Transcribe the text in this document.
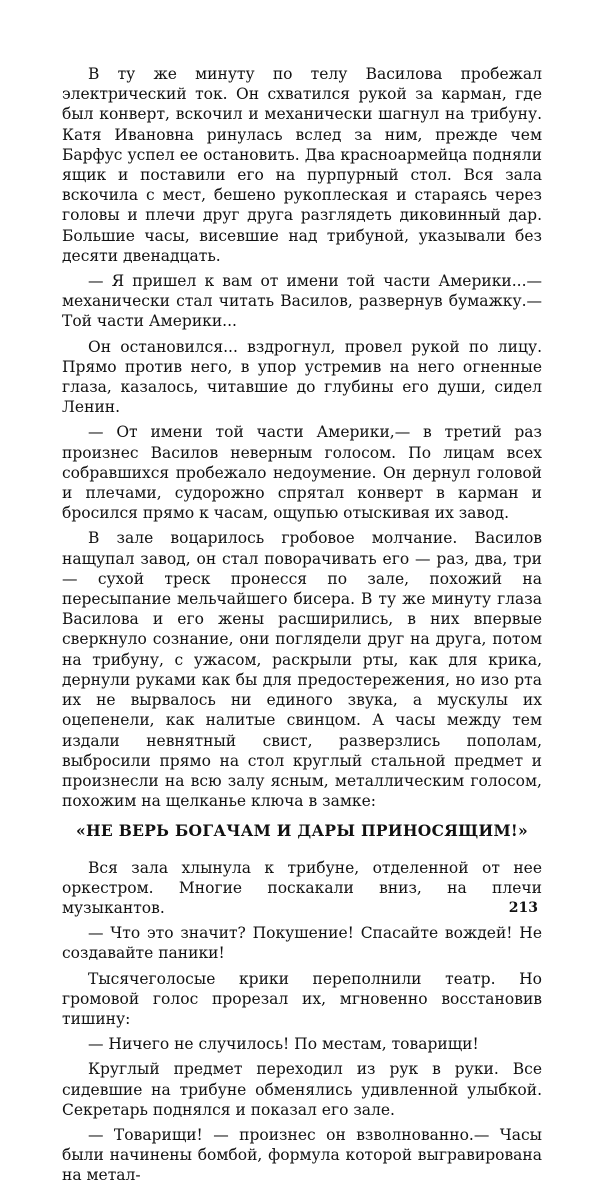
В ту же минуту по телу Василова пробежал электрический ток. Он схватился рукой за карман, где был конверт, вскочил и механически шагнул на трибуну. Катя Ивановна ринулась вслед за ним, прежде чем Барфус успел ее остановить. Два красноармейца подняли ящик и поставили его на пурпурный стол. Вся зала вскочила с мест, бешено рукоплеская и стараясь через головы и плечи друг друга разглядеть диковинный дар. Большие часы, висевшие над трибуной, указывали без десяти двенадцать.

— Я пришел к вам от имени той части Америки...— механически стал читать Василов, развернув бумажку.— Той части Америки...

Он остановился... вздрогнул, провел рукой по лицу. Прямо против него, в упор устремив на него огненные глаза, казалось, читавшие до глубины его души, сидел Ленин.

— От имени той части Америки,— в третий раз произнес Василов неверным голосом. По лицам всех собравшихся пробежало недоумение. Он дернул головой и плечами, судорожно спрятал конверт в карман и бросился прямо к часам, ощупью отыскивая их завод.

В зале воцарилось гробовое молчание. Василов нащупал завод, он стал поворачивать его — раз, два, три — сухой треск пронесся по зале, похожий на пересыпание мельчайшего бисера. В ту же минуту глаза Василова и его жены расширились, в них впервые сверкнуло сознание, они поглядели друг на друга, потом на трибуну, с ужасом, раскрыли рты, как для крика, дернули руками как бы для предостережения, но изо рта их не вырвалось ни единого звука, а мускулы их оцепенели, как налитые свинцом. А часы между тем издали невнятный свист, разверзлись пополам, выбросили прямо на стол круглый стальной предмет и произнесли на всю залу ясным, металлическим голосом, похожим на щелканье ключа в замке:

«НЕ ВЕРЬ БОГАЧАМ И ДАРЫ ПРИНОСЯЩИМ!»

Вся зала хлынула к трибуне, отделенной от нее оркестром. Многие поскакали вниз, на плечи музыкантов.

— Что это значит? Покушение! Спасайте вождей! Не создавайте паники!

Тысячеголосые крики переполнили театр. Но громовой голос прорезал их, мгновенно восстановив тишину:

— Ничего не случилось! По местам, товарищи!

Круглый предмет переходил из рук в руки. Все сидевшие на трибуне обменялись удивленной улыбкой. Секретарь поднялся и показал его зале.

— Товарищи! — произнес он взволнованно.— Часы были начинены бомбой, формула которой выгравирована на метал-

213
